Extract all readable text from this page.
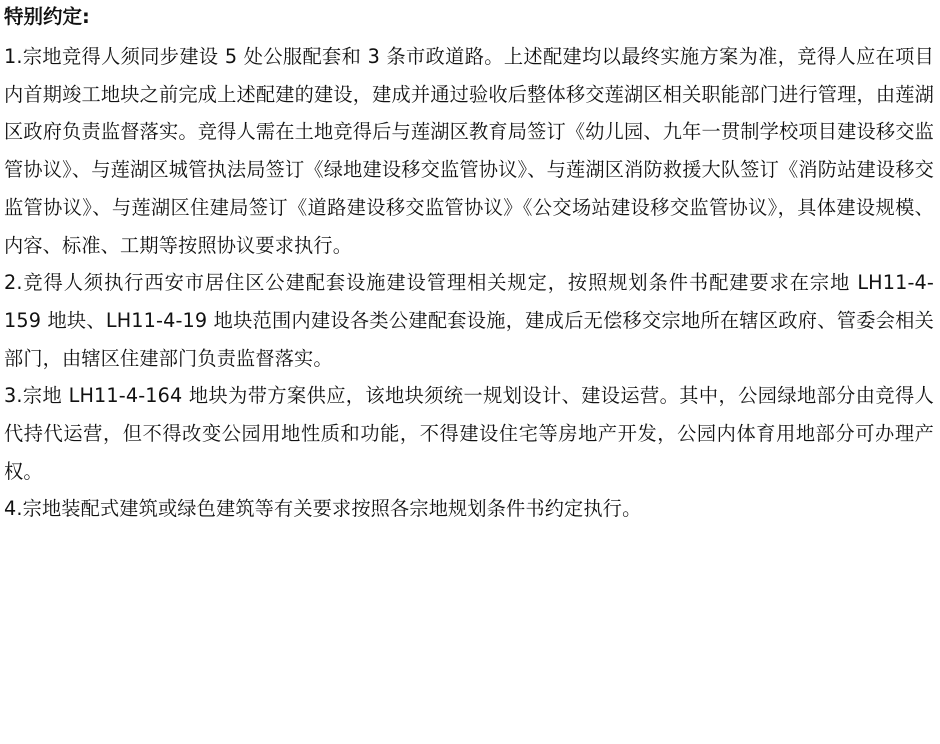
特别约定:

1.宗地竞得人须同步建设 5 处公服配套和 3 条市政道路。上述配建均以最终实施方案为准，竞得人应在项目内首期竣工地块之前完成上述配建的建设，建成并通过验收后整体移交莲湖区相关职能部门进行管理，由莲湖区政府负责监督落实。竞得人需在土地竞得后与莲湖区教育局签订《幼儿园、九年一贯制学校项目建设移交监管协议》、与莲湖区城管执法局签订《绿地建设移交监管协议》、与莲湖区消防救援大队签订《消防站建设移交监管协议》、与莲湖区住建局签订《道路建设移交监管协议》《公交场站建设移交监管协议》，具体建设规模、内容、标准、工期等按照协议要求执行。

2.竞得人须执行西安市居住区公建配套设施建设管理相关规定，按照规划条件书配建要求在宗地 LH11-4-159 地块、LH11-4-19 地块范围内建设各类公建配套设施，建成后无偿移交宗地所在辖区政府、管委会相关部门，由辖区住建部门负责监督落实。

3.宗地 LH11-4-164 地块为带方案供应，该地块须统一规划设计、建设运营。其中，公园绿地部分由竞得人代持代运营，但不得改变公园用地性质和功能，不得建设住宅等房地产开发，公园内体育用地部分可办理产权。

4.宗地装配式建筑或绿色建筑等有关要求按照各宗地规划条件书约定执行。
